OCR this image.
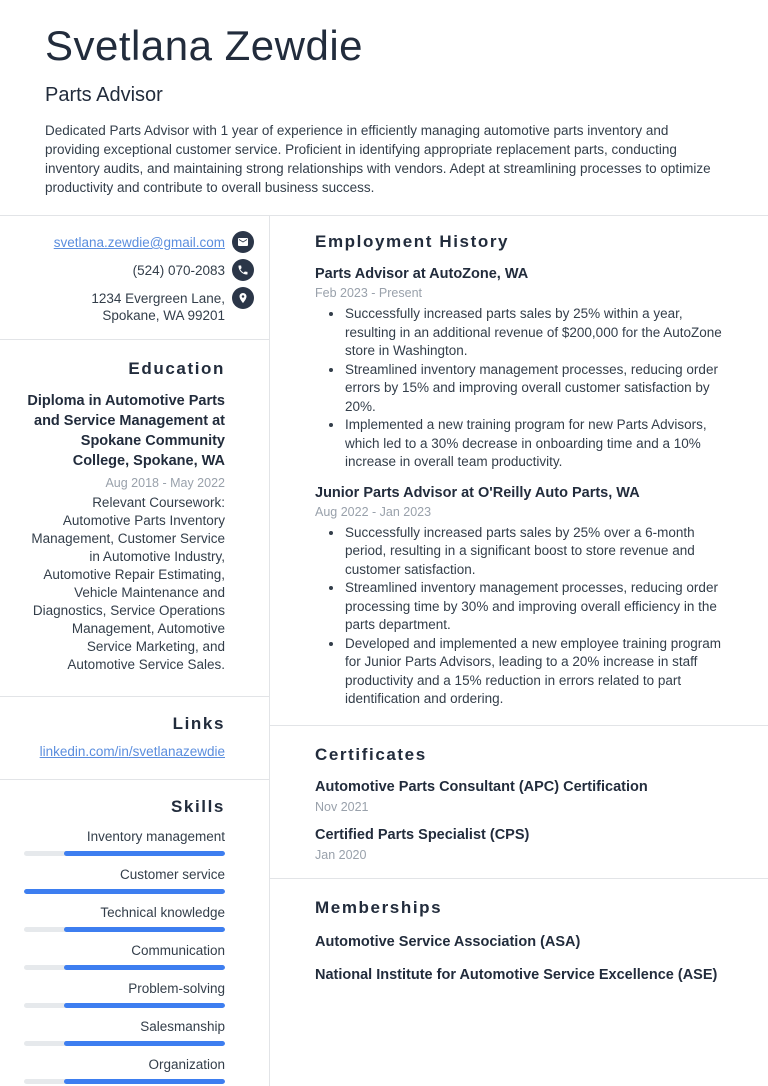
Svetlana Zewdie
Parts Advisor
Dedicated Parts Advisor with 1 year of experience in efficiently managing automotive parts inventory and providing exceptional customer service. Proficient in identifying appropriate replacement parts, conducting inventory audits, and maintaining strong relationships with vendors. Adept at streamlining processes to optimize productivity and contribute to overall business success.
svetlana.zewdie@gmail.com
(524) 070-2083
1234 Evergreen Lane, Spokane, WA 99201
Education
Diploma in Automotive Parts and Service Management at Spokane Community College, Spokane, WA
Aug 2018 - May 2022
Relevant Coursework: Automotive Parts Inventory Management, Customer Service in Automotive Industry, Automotive Repair Estimating, Vehicle Maintenance and Diagnostics, Service Operations Management, Automotive Service Marketing, and Automotive Service Sales.
Links
linkedin.com/in/svetlanazewdie
Skills
Inventory management
Customer service
Technical knowledge
Communication
Problem-solving
Salesmanship
Organization
Employment History
Parts Advisor at AutoZone, WA
Feb 2023 - Present
• Successfully increased parts sales by 25% within a year, resulting in an additional revenue of $200,000 for the AutoZone store in Washington.
• Streamlined inventory management processes, reducing order errors by 15% and improving overall customer satisfaction by 20%.
• Implemented a new training program for new Parts Advisors, which led to a 30% decrease in onboarding time and a 10% increase in overall team productivity.
Junior Parts Advisor at O'Reilly Auto Parts, WA
Aug 2022 - Jan 2023
• Successfully increased parts sales by 25% over a 6-month period, resulting in a significant boost to store revenue and customer satisfaction.
• Streamlined inventory management processes, reducing order processing time by 30% and improving overall efficiency in the parts department.
• Developed and implemented a new employee training program for Junior Parts Advisors, leading to a 20% increase in staff productivity and a 15% reduction in errors related to part identification and ordering.
Certificates
Automotive Parts Consultant (APC) Certification
Nov 2021
Certified Parts Specialist (CPS)
Jan 2020
Memberships
Automotive Service Association (ASA)
National Institute for Automotive Service Excellence (ASE)
